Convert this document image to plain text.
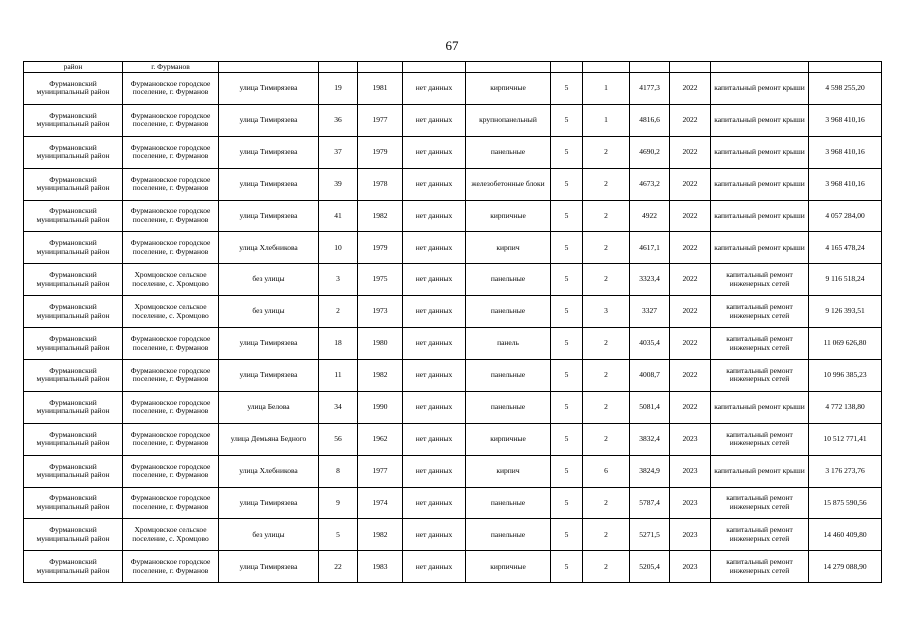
67
район	г. Фурманов											
Фурмановский муниципальный район	Фурмановское городское поселение, г. Фурманов	улица Тимирязева	19	1981	нет данных	кирпичные	5	1	4177,3	2022	капитальный ремонт крыши	4 598 255,20
Фурмановский муниципальный район	Фурмановское городское поселение, г. Фурманов	улица Тимирязева	36	1977	нет данных	крупнопанельный	5	1	4816,6	2022	капитальный ремонт крыши	3 968 410,16
Фурмановский муниципальный район	Фурмановское городское поселение, г. Фурманов	улица Тимирязева	37	1979	нет данных	панельные	5	2	4690,2	2022	капитальный ремонт крыши	3 968 410,16
Фурмановский муниципальный район	Фурмановское городское поселение, г. Фурманов	улица Тимирязева	39	1978	нет данных	железобетонные блоки	5	2	4673,2	2022	капитальный ремонт крыши	3 968 410,16
Фурмановский муниципальный район	Фурмановское городское поселение, г. Фурманов	улица Тимирязева	41	1982	нет данных	кирпичные	5	2	4922	2022	капитальный ремонт крыши	4 057 284,00
Фурмановский муниципальный район	Фурмановское городское поселение, г. Фурманов	улица Хлебникова	10	1979	нет данных	кирпич	5	2	4617,1	2022	капитальный ремонт крыши	4 165 478,24
Фурмановский муниципальный район	Хромцовское сельское поселение, с. Хромцово	без улицы	3	1975	нет данных	панельные	5	2	3323,4	2022	капитальный ремонт инженерных сетей	9 116 518,24
Фурмановский муниципальный район	Хромцовское сельское поселение, с. Хромцово	без улицы	2	1973	нет данных	панельные	5	3	3327	2022	капитальный ремонт инженерных сетей	9 126 393,51
Фурмановский муниципальный район	Фурмановское городское поселение, г. Фурманов	улица Тимирязева	18	1980	нет данных	панель	5	2	4035,4	2022	капитальный ремонт инженерных сетей	11 069 626,80
Фурмановский муниципальный район	Фурмановское городское поселение, г. Фурманов	улица Тимирязева	11	1982	нет данных	панельные	5	2	4008,7	2022	капитальный ремонт инженерных сетей	10 996 385,23
Фурмановский муниципальный район	Фурмановское городское поселение, г. Фурманов	улица Белова	34	1990	нет данных	панельные	5	2	5081,4	2022	капитальный ремонт крыши	4 772 138,80
Фурмановский муниципальный район	Фурмановское городское поселение, г. Фурманов	улица Демьяна Бедного	56	1962	нет данных	кирпичные	5	2	3832,4	2023	капитальный ремонт инженерных сетей	10 512 771,41
Фурмановский муниципальный район	Фурмановское городское поселение, г. Фурманов	улица Хлебникова	8	1977	нет данных	кирпич	5	6	3824,9	2023	капитальный ремонт крыши	3 176 273,76
Фурмановский муниципальный район	Фурмановское городское поселение, г. Фурманов	улица Тимирязева	9	1974	нет данных	панельные	5	2	5787,4	2023	капитальный ремонт инженерных сетей	15 875 590,56
Фурмановский муниципальный район	Хромцовское сельское поселение, с. Хромцово	без улицы	5	1982	нет данных	панельные	5	2	5271,5	2023	капитальный ремонт инженерных сетей	14 460 409,80
Фурмановский муниципальный район	Фурмановское городское поселение, г. Фурманов	улица Тимирязева	22	1983	нет данных	кирпичные	5	2	5205,4	2023	капитальный ремонт инженерных сетей	14 279 088,90
